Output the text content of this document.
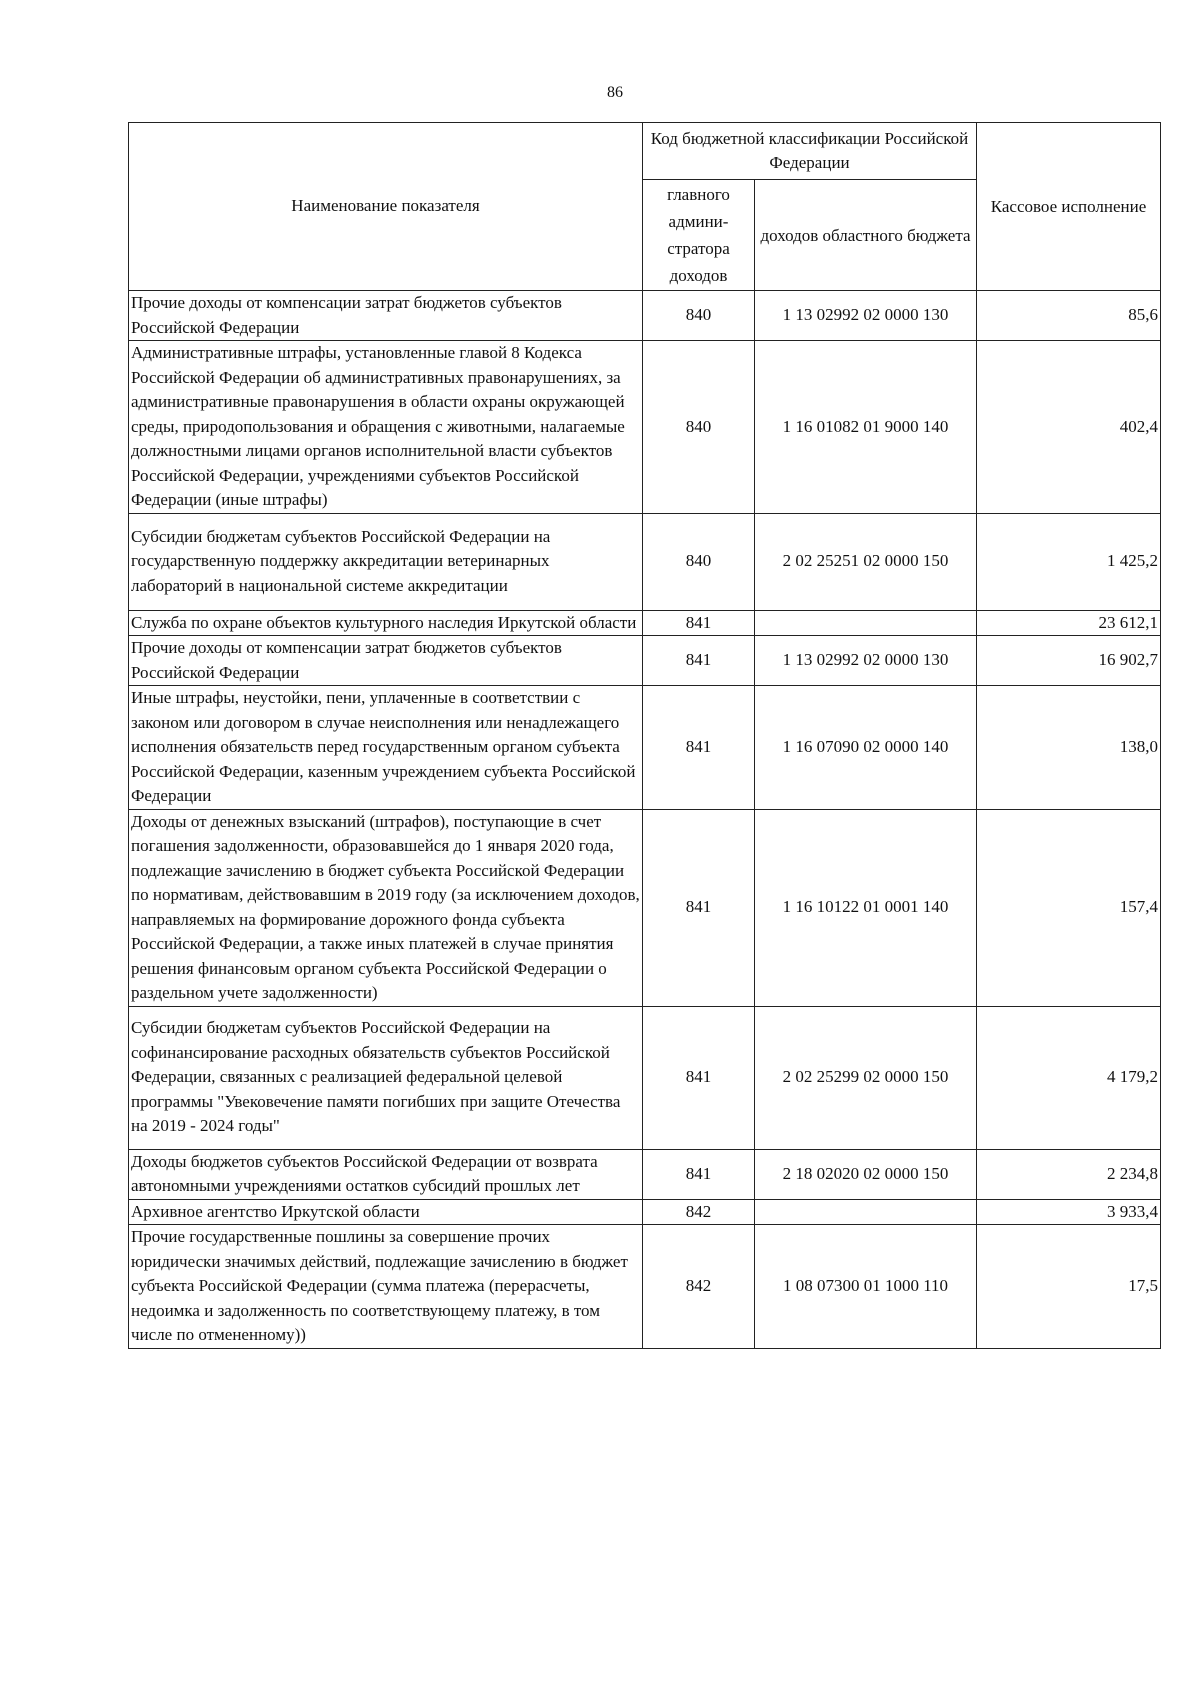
86
Наименование показателя	Код бюджетной классификации Российской Федерации		Кассовое исполнение
	главного админи-стратора доходов	доходов областного бюджета	
Прочие доходы от компенсации затрат бюджетов субъектов Российской Федерации	840	1 13 02992 02 0000 130	85,6
Административные штрафы, установленные главой 8 Кодекса Российской Федерации об административных правонарушениях, за административные правонарушения в области охраны окружающей среды, природопользования и обращения с животными, налагаемые должностными лицами органов исполнительной власти субъектов Российской Федерации, учреждениями субъектов Российской Федерации (иные штрафы)	840	1 16 01082 01 9000 140	402,4
Субсидии бюджетам субъектов Российской Федерации на государственную поддержку аккредитации ветеринарных лабораторий в национальной системе аккредитации	840	2 02 25251 02 0000 150	1 425,2
Служба по охране объектов культурного наследия Иркутской области	841		23 612,1
Прочие доходы от компенсации затрат бюджетов субъектов Российской Федерации	841	1 13 02992 02 0000 130	16 902,7
Иные штрафы, неустойки, пени, уплаченные в соответствии с законом или договором в случае неисполнения или ненадлежащего исполнения обязательств перед государственным органом субъекта Российской Федерации, казенным учреждением субъекта Российской Федерации	841	1 16 07090 02 0000 140	138,0
Доходы от денежных взысканий (штрафов), поступающие в счет погашения задолженности, образовавшейся до 1 января 2020 года, подлежащие зачислению в бюджет субъекта Российской Федерации по нормативам, действовавшим в 2019 году (за исключением доходов, направляемых на формирование дорожного фонда субъекта Российской Федерации, а также иных платежей в случае принятия решения финансовым органом субъекта Российской Федерации о раздельном учете задолженности)	841	1 16 10122 01 0001 140	157,4
Субсидии бюджетам субъектов Российской Федерации на софинансирование расходных обязательств субъектов Российской Федерации, связанных с реализацией федеральной целевой программы "Увековечение памяти погибших при защите Отечества на 2019 - 2024 годы"	841	2 02 25299 02 0000 150	4 179,2
Доходы бюджетов субъектов Российской Федерации от возврата автономными учреждениями остатков субсидий прошлых лет	841	2 18 02020 02 0000 150	2 234,8
Архивное агентство Иркутской области	842		3 933,4
Прочие государственные пошлины за совершение прочих юридически значимых действий, подлежащие зачислению в бюджет субъекта Российской Федерации (сумма платежа (перерасчеты, недоимка и задолженность по соответствующему платежу, в том числе по отмененному))	842	1 08 07300 01 1000 110	17,5
